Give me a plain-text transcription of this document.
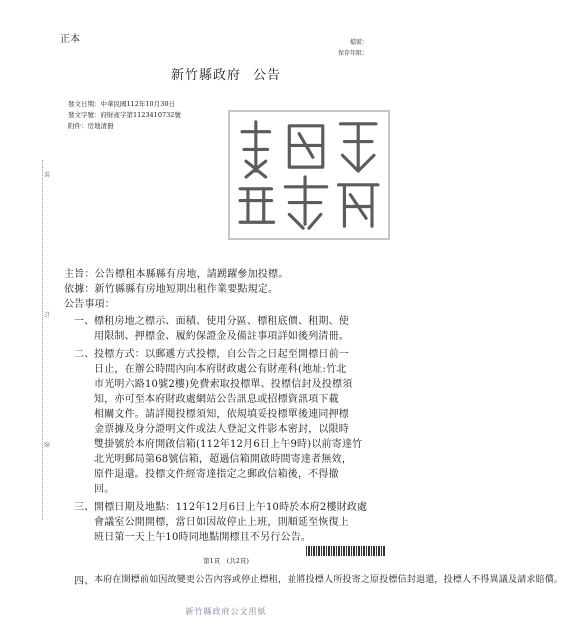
正本	檔號：
保存年限：
新竹縣政府 公告
發文日期：中華民國112年10月30日
發文字號：府財產字第1123410732號
附件：房地清冊
裝
訂
線
主旨：公告標租本縣縣有房地，請踴躍參加投標。
依據：新竹縣縣有房地短期出租作業要點規定。
公告事項：
一、 標租房地之標示、面積、使用分區、標租底價、租期、使
用限制、押標金、履約保證金及備註事項詳如後列清冊。
二、 投標方式：以郵遞方式投標，自公告之日起至開標日前一
日止，在辦公時間內向本府財政處公有財產科(地址:竹北
市光明六路10號2樓)免費索取投標單、投標信封及投標須
知，亦可至本府財政處網站公告訊息或招標資訊項下載
相關文件。請詳閱投標須知，依規填妥投標單後連同押標
金票據及身分證明文件或法人登記文件影本密封，以限時
雙掛號於本府開啟信箱(112年12月6日上午9時)以前寄達竹
北光明郵局第68號信箱，超過信箱開啟時間寄達者無效，
原件退還。投標文件經寄達指定之郵政信箱後，不得撤
回。
三、 開標日期及地點：112年12月6日上午10時於本府2樓財政處
會議室公開開標，當日如因故停止上班，則順延至恢復上
班日第一天上午10時同地點開標且不另行公告。
第1頁　(共2頁)
四、 本府在開標前如因故變更公告內容或停止標租，並將投標人所投寄之原投標信封退還，投標人不得異議及請求賠償。
新竹縣政府公文用紙
